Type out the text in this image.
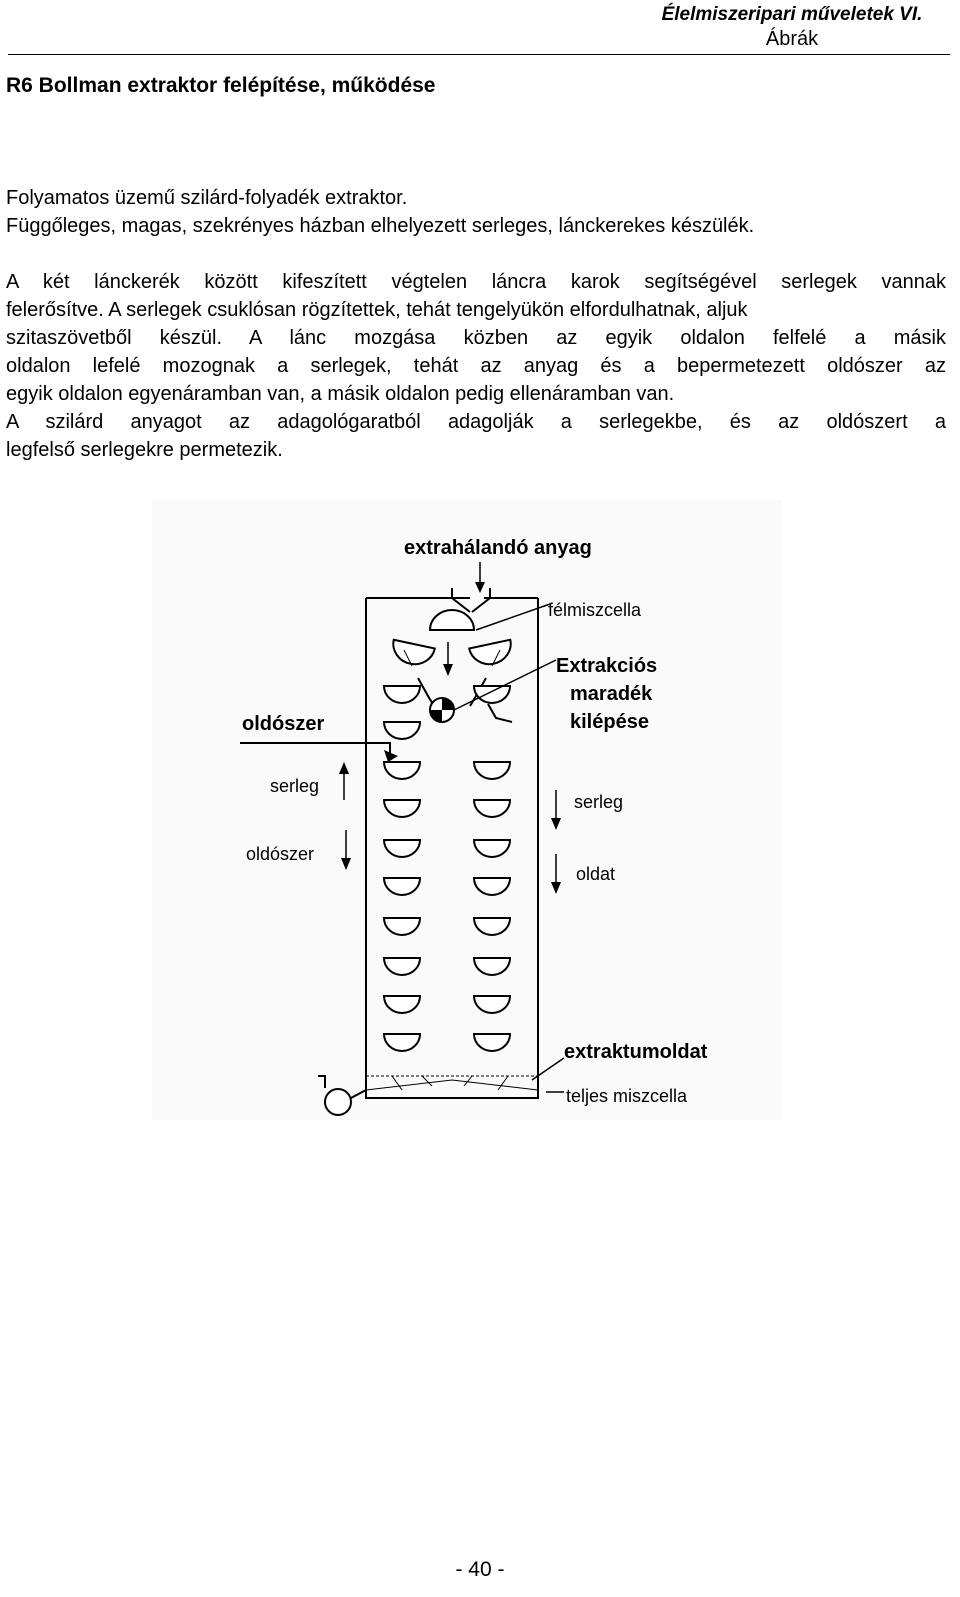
Élelmiszeripari műveletek VI.
Ábrák
R6 Bollman extraktor felépítése, működése
Folyamatos üzemű szilárd-folyadék extraktor.
Függőleges, magas, szekrényes házban elhelyezett serleges, lánckerekes készülék.
A két lánckerék között kifeszített végtelen láncra karok segítségével serlegek vannak
felerősítve. A serlegek csuklósan rögzítettek, tehát tengelyükön elfordulhatnak, aljuk
szitaszövetből készül. A lánc mozgása közben az egyik oldalon felfelé a másik
oldalon lefelé mozognak a serlegek, tehát az anyag és a bepermetezett oldószer az
egyik oldalon egyenáramban van, a másik oldalon pedig ellenáramban van.
A szilárd anyagot az adagológaratból adagolják a serlegekbe, és az oldószert a
legfelső serlegekre permetezik.
extrahálandó anyag
félmiszcella
Extrakciós
maradék
kilépése
oldószer
serleg
oldószer
serleg
oldat
extraktumoldat
teljes miszcella
- 40 -
